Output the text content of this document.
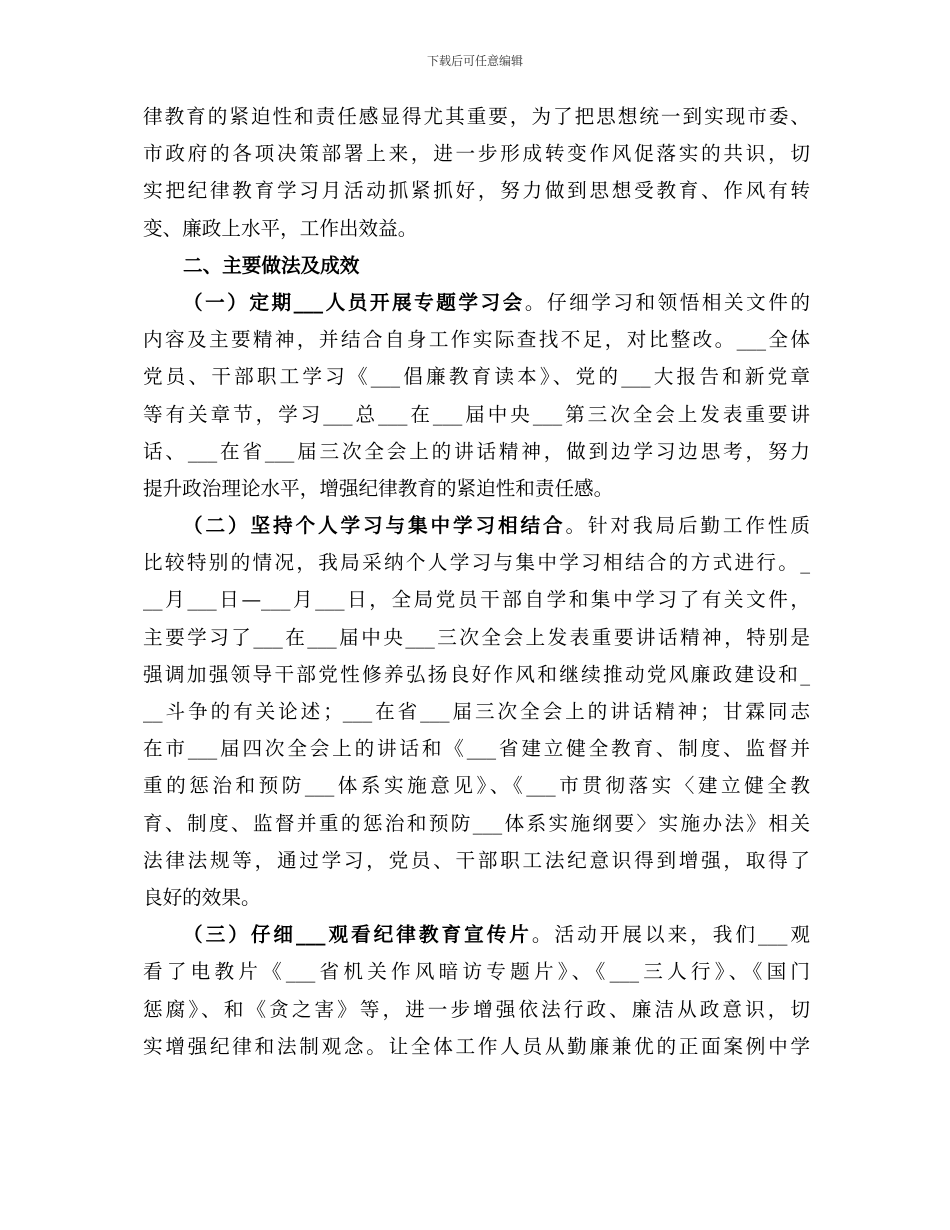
下载后可任意编辑
律教育的紧迫性和责任感显得尤其重要，为了把思想统一到实现市委、
市政府的各项决策部署上来，进一步形成转变作风促落实的共识，切
实把纪律教育学习月活动抓紧抓好，努力做到思想受教育、作风有转
变、廉政上水平，工作出效益。
二、主要做法及成效
（一）定期___人员开展专题学习会。仔细学习和领悟相关文件的
内容及主要精神，并结合自身工作实际查找不足，对比整改。___全体
党员、干部职工学习《___倡廉教育读本》、党的___大报告和新党章
等有关章节，学习___总___在___届中央___第三次全会上发表重要讲
话、___在省___届三次全会上的讲话精神，做到边学习边思考，努力
提升政治理论水平，增强纪律教育的紧迫性和责任感。
（二）坚持个人学习与集中学习相结合。针对我局后勤工作性质
比较特别的情况，我局采纳个人学习与集中学习相结合的方式进行。_
__月___日—___月___日，全局党员干部自学和集中学习了有关文件，
主要学习了___在___届中央___三次全会上发表重要讲话精神，特别是
强调加强领导干部党性修养弘扬良好作风和继续推动党风廉政建设和_
__斗争的有关论述；___在省___届三次全会上的讲话精神；甘霖同志
在市___届四次全会上的讲话和《___省建立健全教育、制度、监督并
重的惩治和预防___体系实施意见》、《___市贯彻落实〈建立健全教
育、制度、监督并重的惩治和预防___体系实施纲要〉实施办法》相关
法律法规等，通过学习，党员、干部职工法纪意识得到增强，取得了
良好的效果。
（三）仔细___观看纪律教育宣传片。活动开展以来，我们___观
看了电教片《___省机关作风暗访专题片》、《___三人行》、《国门
惩腐》、和《贪之害》等，进一步增强依法行政、廉洁从政意识，切
实增强纪律和法制观念。让全体工作人员从勤廉兼优的正面案例中学
